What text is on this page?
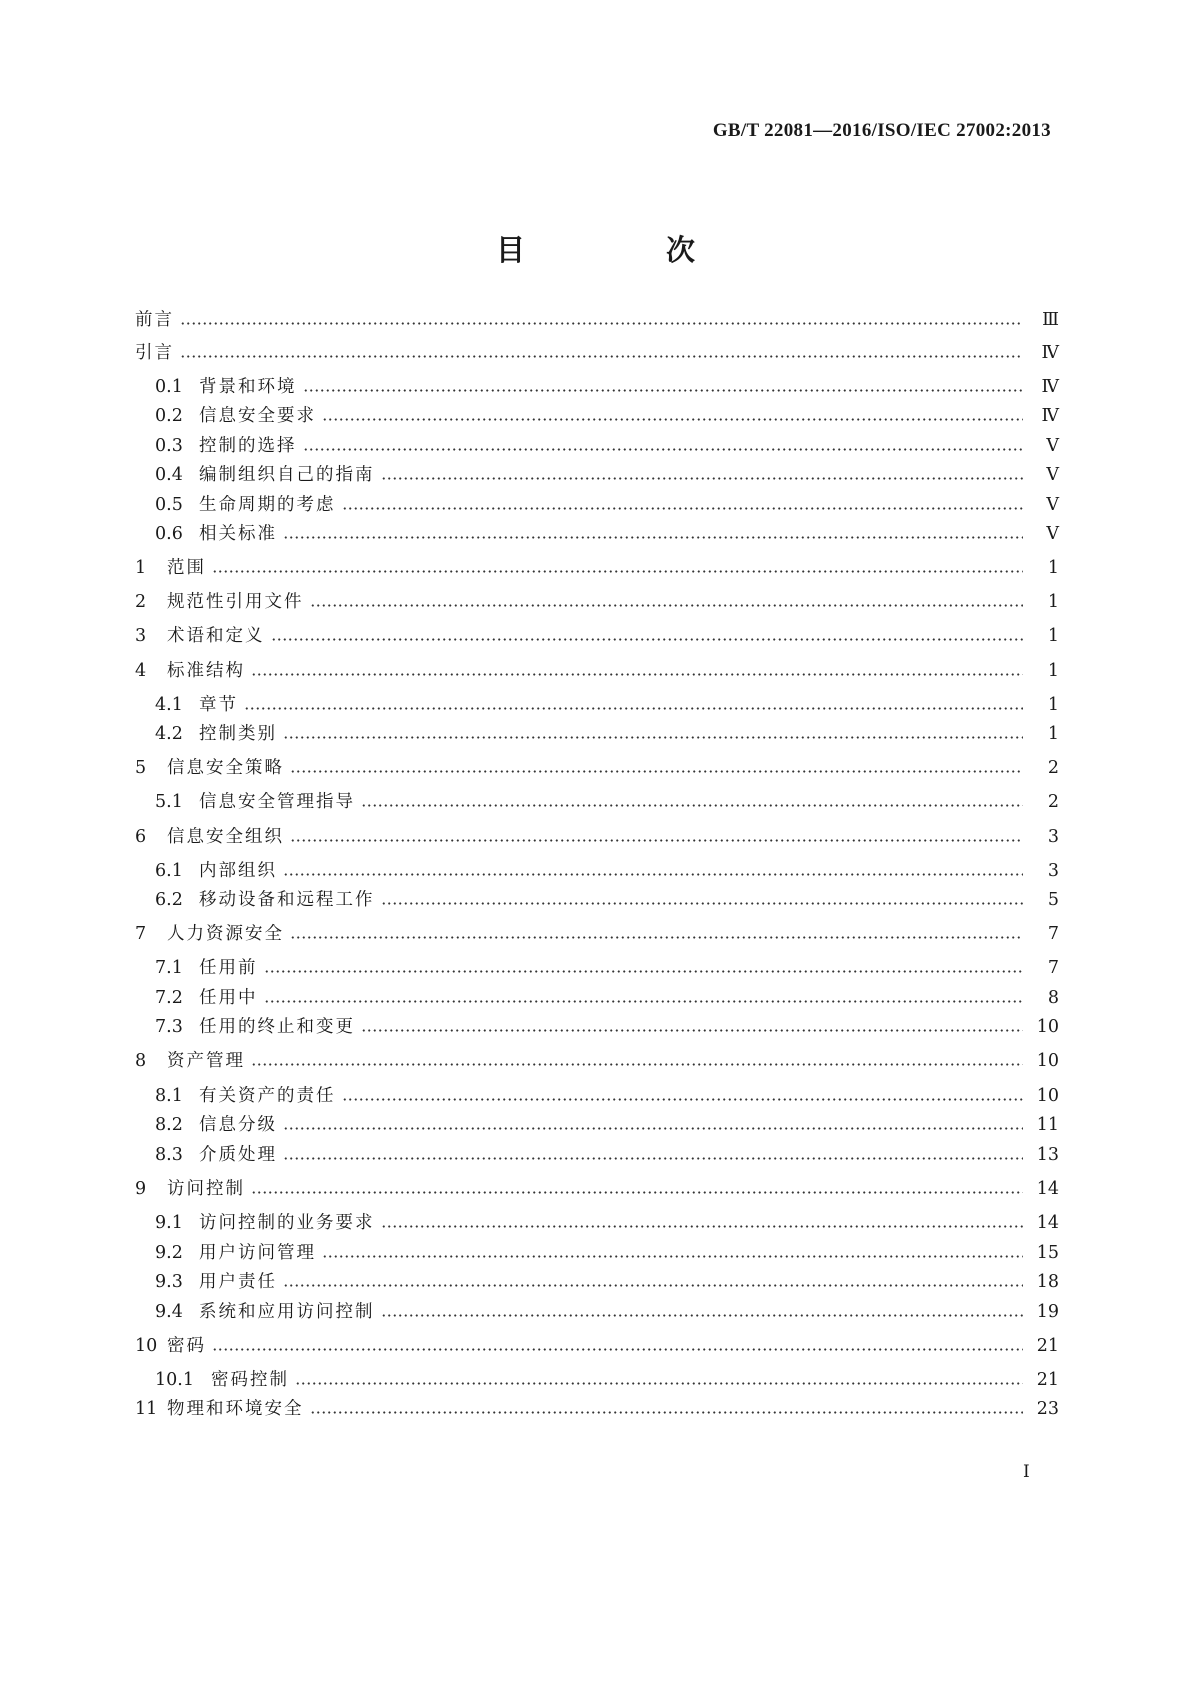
GB/T 22081—2016/ISO/IEC 27002:2013
目　次
前言	Ⅲ
引言	Ⅳ
0.1 背景和环境	Ⅳ
0.2 信息安全要求	Ⅳ
0.3 控制的选择	Ⅴ
0.4 编制组织自己的指南	Ⅴ
0.5 生命周期的考虑	Ⅴ
0.6 相关标准	Ⅴ
1	范围	1
2	规范性引用文件	1
3	术语和定义	1
4	标准结构	1
4.1 章节	1
4.2 控制类别	1
5	信息安全策略	2
5.1 信息安全管理指导	2
6	信息安全组织	3
6.1 内部组织	3
6.2 移动设备和远程工作	5
7	人力资源安全	7
7.1 任用前	7
7.2 任用中	8
7.3 任用的终止和变更	10
8	资产管理	10
8.1 有关资产的责任	10
8.2 信息分级	11
8.3 介质处理	13
9	访问控制	14
9.1 访问控制的业务要求	14
9.2 用户访问管理	15
9.3 用户责任	18
9.4 系统和应用访问控制	19
10 密码	21
10.1 密码控制	21
11 物理和环境安全	23
I
